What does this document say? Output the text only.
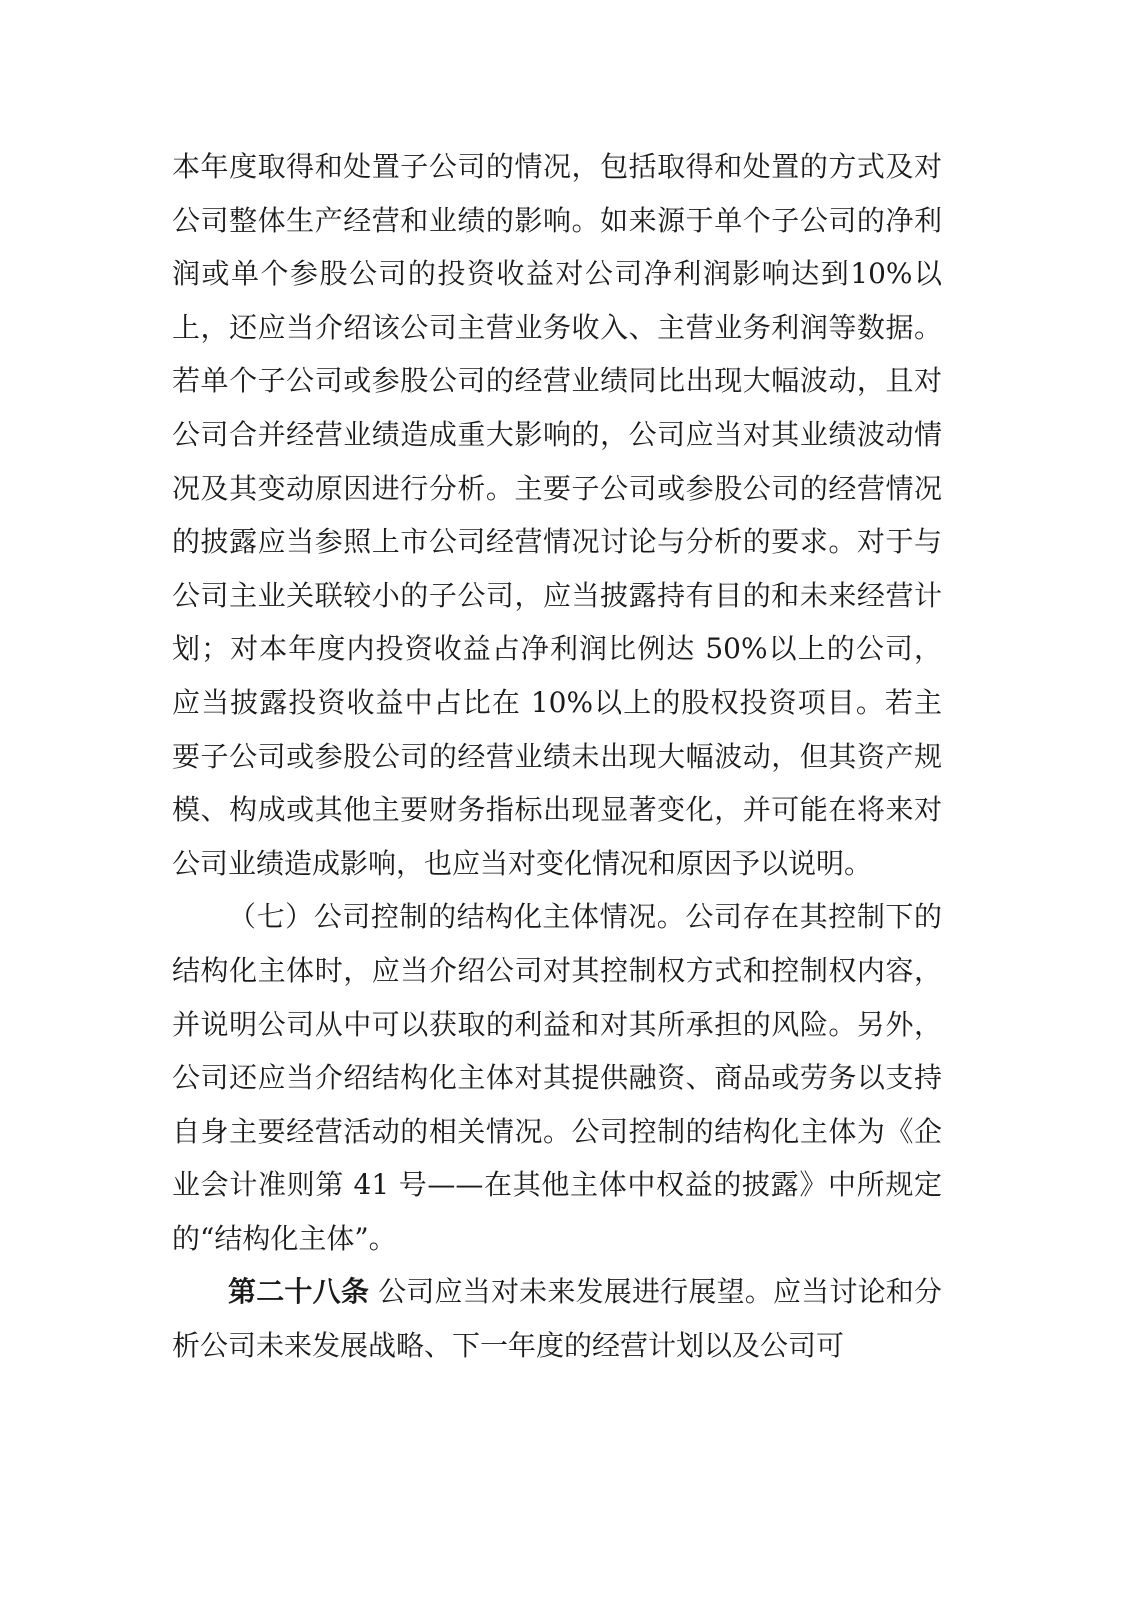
本年度取得和处置子公司的情况，包括取得和处置的方式及对公司整体生产经营和业绩的影响。如来源于单个子公司的净利润或单个参股公司的投资收益对公司净利润影响达到10%以上，还应当介绍该公司主营业务收入、主营业务利润等数据。若单个子公司或参股公司的经营业绩同比出现大幅波动，且对公司合并经营业绩造成重大影响的，公司应当对其业绩波动情况及其变动原因进行分析。主要子公司或参股公司的经营情况的披露应当参照上市公司经营情况讨论与分析的要求。对于与公司主业关联较小的子公司，应当披露持有目的和未来经营计划；对本年度内投资收益占净利润比例达 50%以上的公司，应当披露投资收益中占比在 10%以上的股权投资项目。若主要子公司或参股公司的经营业绩未出现大幅波动，但其资产规模、构成或其他主要财务指标出现显著变化，并可能在将来对公司业绩造成影响，也应当对变化情况和原因予以说明。

（七）公司控制的结构化主体情况。公司存在其控制下的结构化主体时，应当介绍公司对其控制权方式和控制权内容，并说明公司从中可以获取的利益和对其所承担的风险。另外，公司还应当介绍结构化主体对其提供融资、商品或劳务以支持自身主要经营活动的相关情况。公司控制的结构化主体为《企业会计准则第 41 号——在其他主体中权益的披露》中所规定的“结构化主体”。

第二十八条 公司应当对未来发展进行展望。应当讨论和分析公司未来发展战略、下一年度的经营计划以及公司可
